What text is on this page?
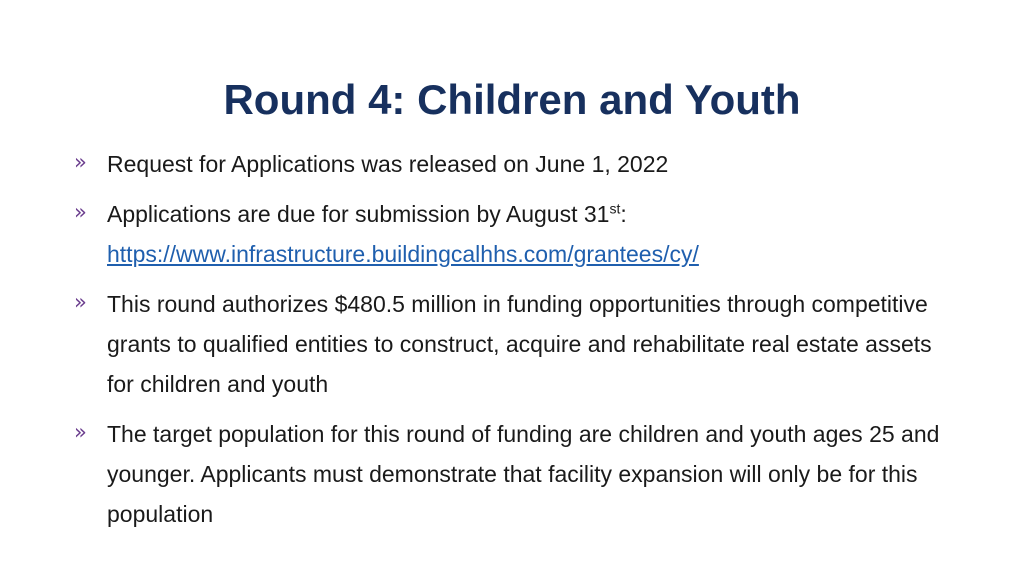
Round 4: Children and Youth
» Request for Applications was released on June 1, 2022
» Applications are due for submission by August 31st:
https://www.infrastructure.buildingcalhhs.com/grantees/cy/
» This round authorizes $480.5 million in funding opportunities through competitive grants to qualified entities to construct, acquire and rehabilitate real estate assets for children and youth
» The target population for this round of funding are children and youth ages 25 and younger. Applicants must demonstrate that facility expansion will only be for this population
